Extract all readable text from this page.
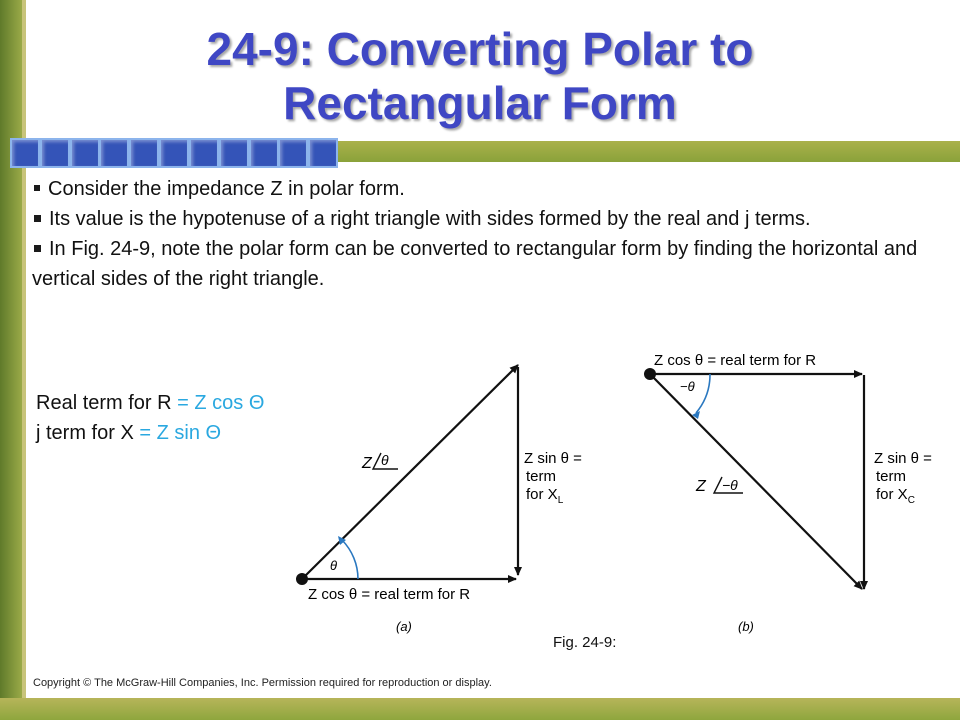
24-9: Converting Polar to
Rectangular Form

Consider the impedance Z in polar form.

Its value is the hypotenuse of a right triangle with sides formed by the real and j terms.

In Fig. 24-9, note the polar form can be converted to rectangular form by finding the horizontal and vertical sides of the right triangle.

Real term for R = Z cos Θ
j term for X = Z sin Θ
Z θ
θ
Z cos θ = real term for R
Z sin θ =
term
for $X_L$
(a)
Z cos θ = real term for R
−θ
Z −θ
Z sin θ =
term
for $X_C$
(b)
Fig. 24-9:
Copyright © The McGraw-Hill Companies, Inc. Permission required for reproduction or display.
